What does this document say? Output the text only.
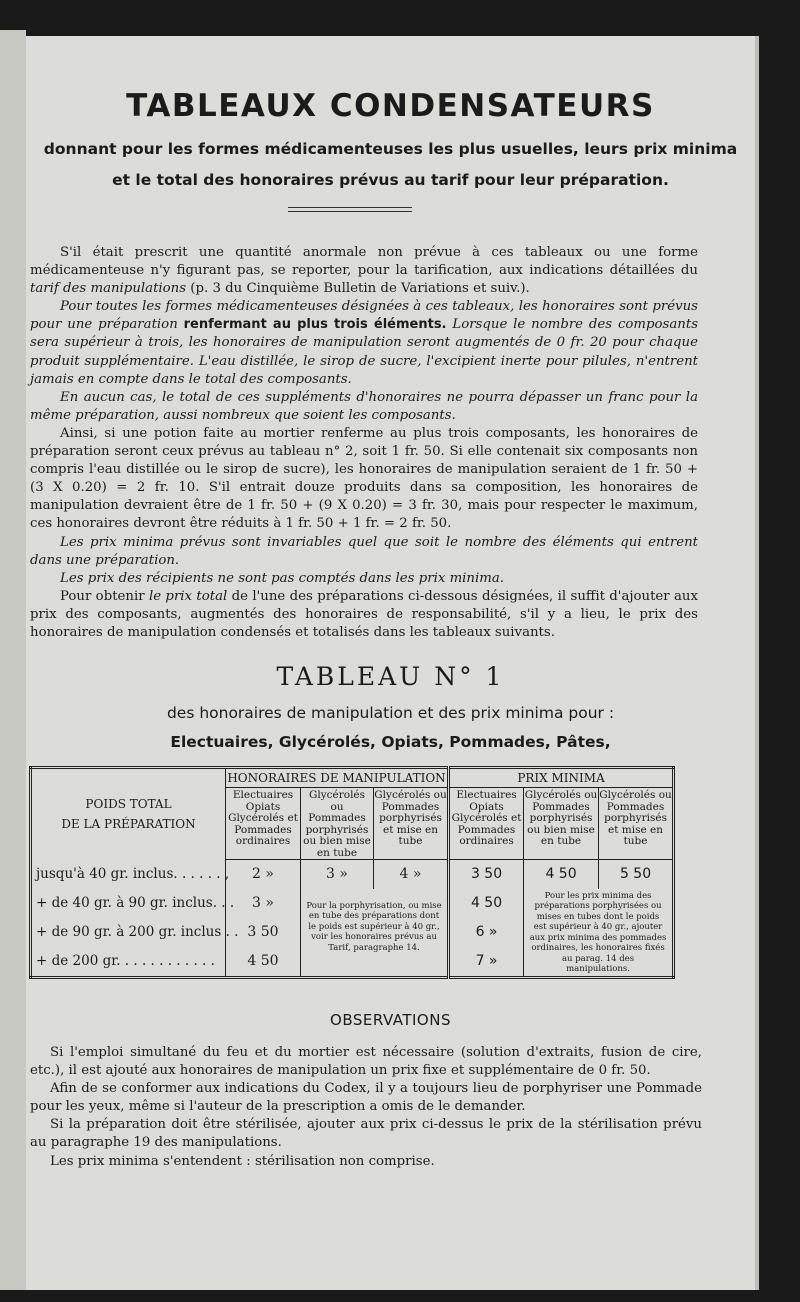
TABLEAUX CONDENSATEURS
donnant pour les formes médicamenteuses les plus usuelles, leurs prix minima
et le total des honoraires prévus au tarif pour leur préparation.

S'il était prescrit une quantité anormale non prévue à ces tableaux ou une forme médicamenteuse n'y figurant pas, se reporter, pour la tarification, aux indications détaillées du tarif des manipulations (p. 3 du Cinquième Bulletin de Variations et suiv.).

Pour toutes les formes médicamenteuses désignées à ces tableaux, les honoraires sont prévus pour une préparation renfermant au plus trois éléments. Lorsque le nombre des composants sera supérieur à trois, les honoraires de manipulation seront augmentés de 0 fr. 20 pour chaque produit supplémentaire. L'eau distillée, le sirop de sucre, l'excipient inerte pour pilules, n'entrent jamais en compte dans le total des composants.

En aucun cas, le total de ces suppléments d'honoraires ne pourra dépasser un franc pour la même préparation, aussi nombreux que soient les composants.

Ainsi, si une potion faite au mortier renferme au plus trois composants, les honoraires de préparation seront ceux prévus au tableau n° 2, soit 1 fr. 50. Si elle contenait six composants non compris l'eau distillée ou le sirop de sucre), les honoraires de manipulation seraient de 1 fr. 50 + (3 X 0.20) = 2 fr. 10. S'il entrait douze produits dans sa composition, les honoraires de manipulation devraient être de 1 fr. 50 + (9 X 0.20) = 3 fr. 30, mais pour respecter le maximum, ces honoraires devront être réduits à 1 fr. 50 + 1 fr. = 2 fr. 50.

Les prix minima prévus sont invariables quel que soit le nombre des éléments qui entrent dans une préparation.

Les prix des récipients ne sont pas comptés dans les prix minima.

Pour obtenir le prix total de l'une des préparations ci-dessous désignées, il suffit d'ajouter aux prix des composants, augmentés des honoraires de responsabilité, s'il y a lieu, le prix des honoraires de manipulation condensés et totalisés dans les tableaux suivants.

TABLEAU N° 1
des honoraires de manipulation et des prix minima pour :
Electuaires, Glycérolés, Opiats, Pommades, Pâtes,
POIDS TOTAL
DE LA PRÉPARATION	HONORAIRES DE MANIPULATION			PRIX MINIMA		
	Electuaires Opiats Glycérolés et Pommades ordinaires	Glycérolés ou Pommades porphyrisés ou bien mise en tube	Glycérolés ou Pommades porphyrisés et mise en tube	Electuaires Opiats Glycérolés et Pommades ordinaires	Glycérolés ou Pommades porphyrisés ou bien mise en tube	Glycérolés ou Pommades porphyrisés et mise en tube
jusqu'à 40 gr. inclus. . . . . . ,	2 »	3 »	4 »	3 50	4 50	5 50
+ de 40 gr. à 90 gr. inclus. . .	3 »	Pour la porphyrisation, ou mise en tube des préparations dont le poids est supérieur à 40 gr., voir les honoraires prévus au Tarif, paragraphe 14.		4 50	Pour les prix minima des préparations porphyrisées ou mises en tubes dont le poids est supérieur à 40 gr., ajouter aux prix minima des pommades ordinaires, les honoraires fixés au parag. 14 des manipulations.	
+ de 90 gr. à 200 gr. inclus . .	3 50			6 »		
+ de 200 gr. . . . . . . . . . . .	4 50			7 »		
OBSERVATIONS

Si l'emploi simultané du feu et du mortier est nécessaire (solution d'extraits, fusion de cire, etc.), il est ajouté aux honoraires de manipulation un prix fixe et supplémentaire de 0 fr. 50.

Afin de se conformer aux indications du Codex, il y a toujours lieu de porphyriser une Pommade pour les yeux, même si l'auteur de la prescription a omis de le demander.

Si la préparation doit être stérilisée, ajouter aux prix ci-dessus le prix de la stérilisation prévu au paragraphe 19 des manipulations.

Les prix minima s'entendent : stérilisation non comprise.
